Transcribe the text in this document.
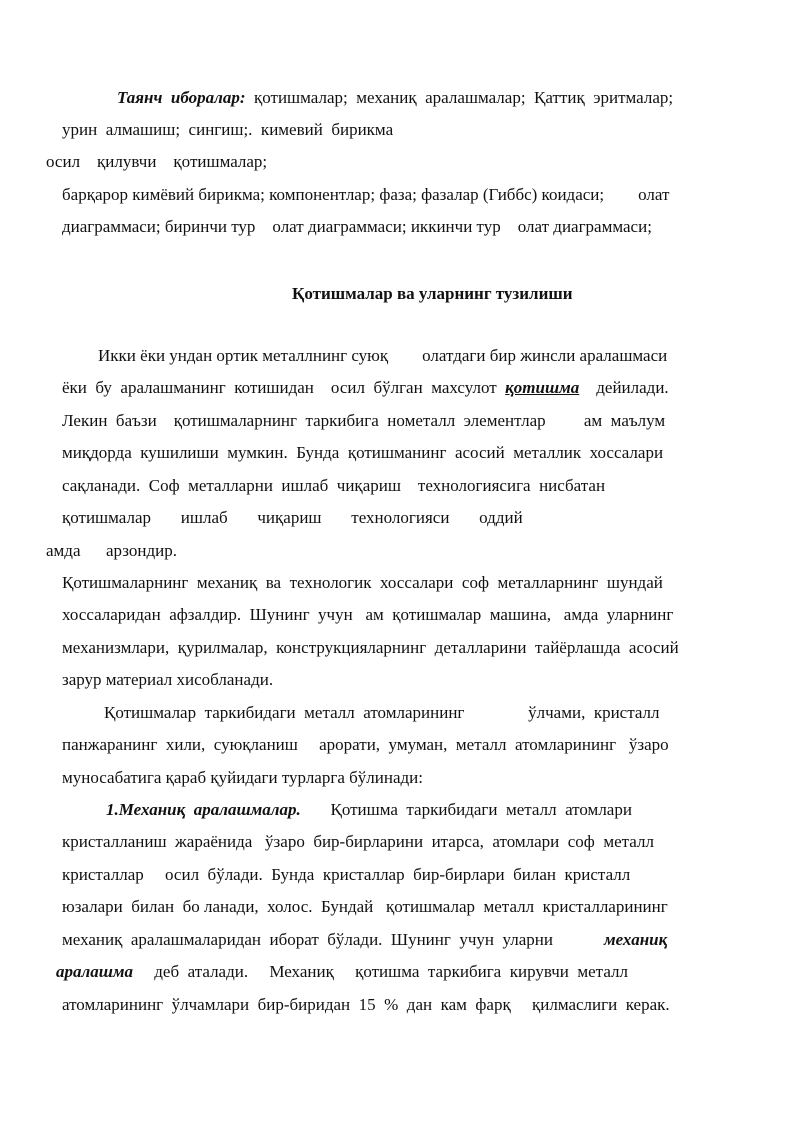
Таянч  иборалар:  қотишмалар;  механиқ  аралашмалар;  Қаттиқ  эритмалар;
урин  алмашиш;  сингиш;.  кимевий  бирикма
осил    қилувчи    қотишмалар;
барқарор кимёвий бирикма; компонентлар; фаза; фазалар (Гиббс) коидаси;        олат
диаграммаси; биринчи тур    олат диаграммаси; иккинчи тур    олат диаграммаси;
Қотишмалар ва уларнинг тузилиши
Икки ёки ундан ортик металлнинг суюқ        олатдаги бир жинсли аралашмаси
ёки  бу  аралашманинг  котишидан    осил  бўлган  махсулот  қотишма    дейилади.
Лекин  баъзи    қотишмаларнинг  таркибига  нометалл  элементлар         ам  маълум
миқдорда  кушилиши  мумкин.  Бунда  қотишманинг  асосий  металлик  хоссалари
сақланади.  Соф  металларни  ишлаб  чиқариш    технологиясига  нисбатан
қотишмалар       ишлаб       чиқариш       технологияси       оддий
амда      арзондир.
Қотишмаларнинг  механиқ  ва  технологик  хоссалари  соф  металларнинг  шундай
хоссаларидан  афзалдир.  Шунинг  учун   ам  қотишмалар  машина,   амда  уларнинг
механизмлари,  қурилмалар,  конструкцияларнинг  деталларини  тайёрлашда  асосий
зарур материал хисобланади.
Қотишмалар  таркибидаги  металл  атомларининг               ўлчами,  кристалл
панжаранинг  хили,  суюқланиш     арорати,  умуман,  металл  атомларининг   ўзаро
муносабатига қараб қуйидаги турларга бўлинади:
1.Механиқ  аралашмалар.       Қотишма  таркибидаги  металл  атомлари
кристалланиш  жараёнида   ўзаро  бир-бирларини  итарса,  атомлари  соф  металл
кристаллар     осил  бўлади.  Бунда  кристаллар  бир-бирлари  билан  кристалл
юзалари  билан  бо ланади,  холос.  Бундай   қотишмалар  металл  кристалларининг
механиқ  аралашмаларидан  иборат  бўлади.  Шунинг  учун  уларни            механиқ
аралашма     деб  аталади.     Механиқ     қотишма  таркибига  кирувчи  металл
атомларининг  ўлчамлари  бир-биридан  15  %  дан  кам  фарқ     қилмаслиги  керак.
